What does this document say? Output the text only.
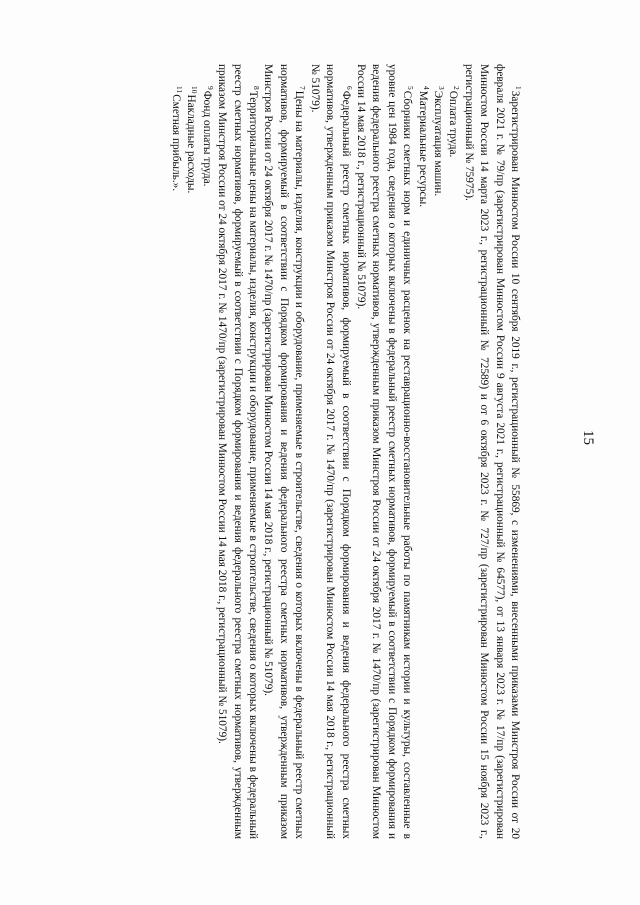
15

$^1$Зарегистрирован Минюстом России 10 сентября 2019 г., регистрационный № 55869, с изменениями, внесенными приказами Минстроя России от 20 февраля 2021 г. № 79/пр (зарегистрирован Минюстом России 9 августа 2021 г., регистрационный № 64577), от 13 января 2023 г. № 17/пр (зарегистрирован Минюстом России 14 марта 2023 г., регистрационный № 72589) и от 6 октября 2023 г. № 727/пр (зарегистрирован Минюстом России 15 ноября 2023 г., регистрационный № 75975).

$^2$Оплата труда.

$^3$Эксплуатация машин.

$^4$Материальные ресурсы.

$^5$Сборники сметных норм и единичных расценок на реставрационно-восстановительные работы по памятникам истории и культуры, составленные в уровне цен 1984 года, сведения о которых включены в федеральный реестр сметных нормативов, формируемый в соответствии с Порядком формирования и ведения федерального реестра сметных нормативов, утвержденным приказом Минстроя России от 24 октября 2017 г. № 1470/пр (зарегистрирован Минюстом России 14 мая 2018 г., регистрационный № 51079).

$^6$Федеральный реестр сметных нормативов, формируемый в соответствии с Порядком формирования и ведения федерального реестра сметных нормативов, утвержденным приказом Минстроя России от 24 октября 2017 г. № 1470/пр (зарегистрирован Минюстом России 14 мая 2018 г., регистрационный № 51079).

$^7$Цены на материалы, изделия, конструкции и оборудование, применяемые в строительстве, сведения о которых включены в федеральный реестр сметных нормативов, формируемый в соответствии с Порядком формирования и ведения федерального реестра сметных нормативов, утвержденным приказом Минстроя России от 24 октября 2017 г. № 1470/пр (зарегистрирован Минюстом России 14 мая 2018 г., регистрационный № 51079).

$^8$Территориальные цены на материалы, изделия, конструкции и оборудование, применяемые в строительстве, сведения о которых включены в федеральный реестр сметных нормативов, формируемый в соответствии с Порядком формирования и ведения федерального реестра сметных нормативов, утвержденным приказом Минстроя России от 24 октября 2017 г. № 1470/пр (зарегистрирован Минюстом России 14 мая 2018 г., регистрационный № 51079).

$^9$Фонд оплаты труда.

$^{10}$Накладные расходы.

$^{11}$Сметная прибыль.».
